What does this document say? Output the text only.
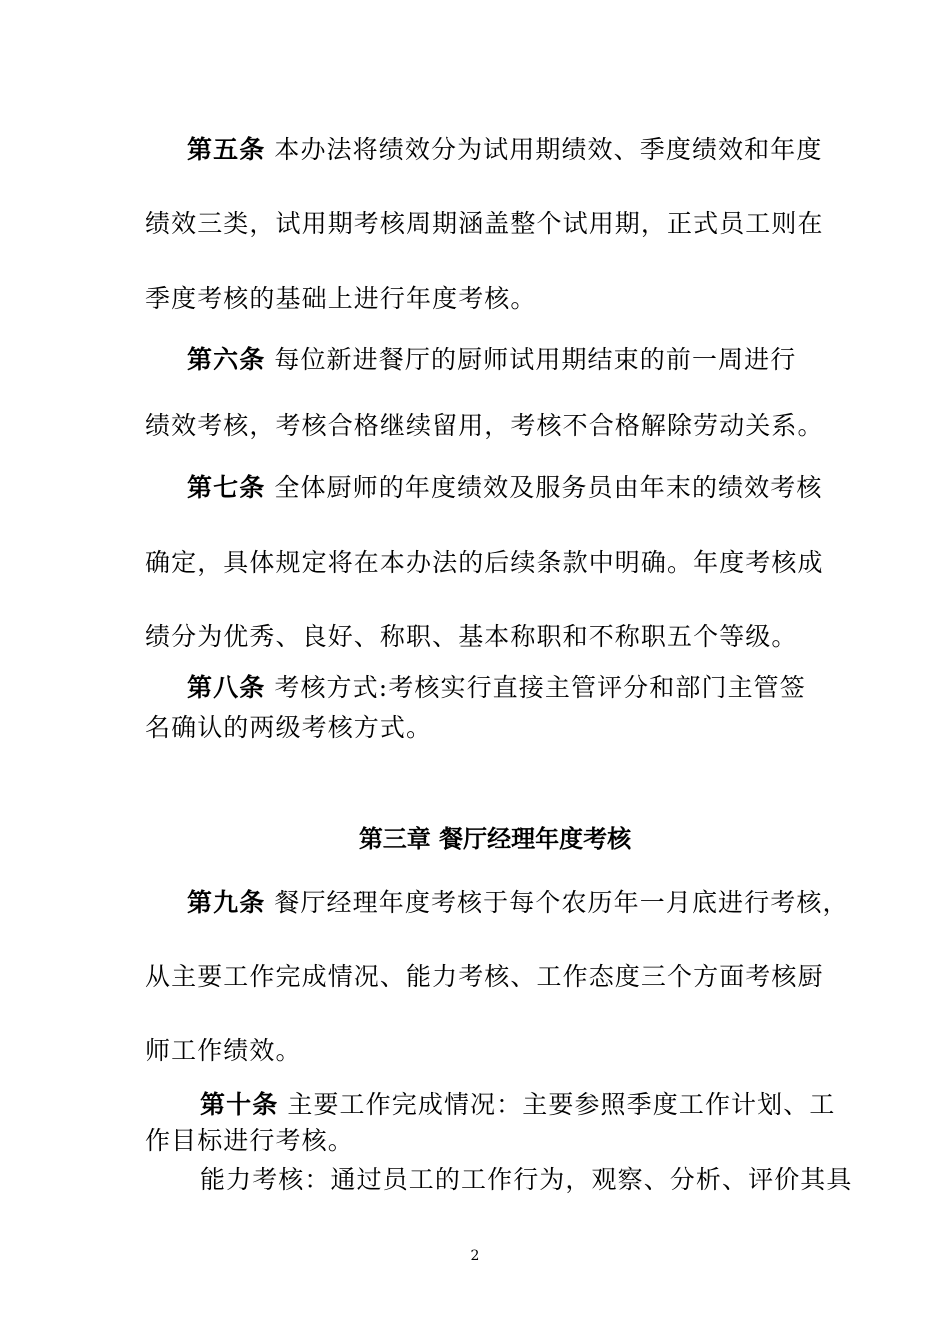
第五条 本办法将绩效分为试用期绩效、季度绩效和年度
绩效三类，试用期考核周期涵盖整个试用期，正式员工则在
季度考核的基础上进行年度考核。
第六条 每位新进餐厅的厨师试用期结束的前一周进行
绩效考核，考核合格继续留用，考核不合格解除劳动关系。
第七条 全体厨师的年度绩效及服务员由年末的绩效考核
确定，具体规定将在本办法的后续条款中明确。年度考核成
绩分为优秀、良好、称职、基本称职和不称职五个等级。
第八条 考核方式:考核实行直接主管评分和部门主管签
名确认的两级考核方式。
第三章 餐厅经理年度考核
第九条 餐厅经理年度考核于每个农历年一月底进行考核，
从主要工作完成情况、能力考核、工作态度三个方面考核厨
师工作绩效。
第十条 主要工作完成情况：主要参照季度工作计划、工
作目标进行考核。
能力考核：通过员工的工作行为，观察、分析、评价其具
2
